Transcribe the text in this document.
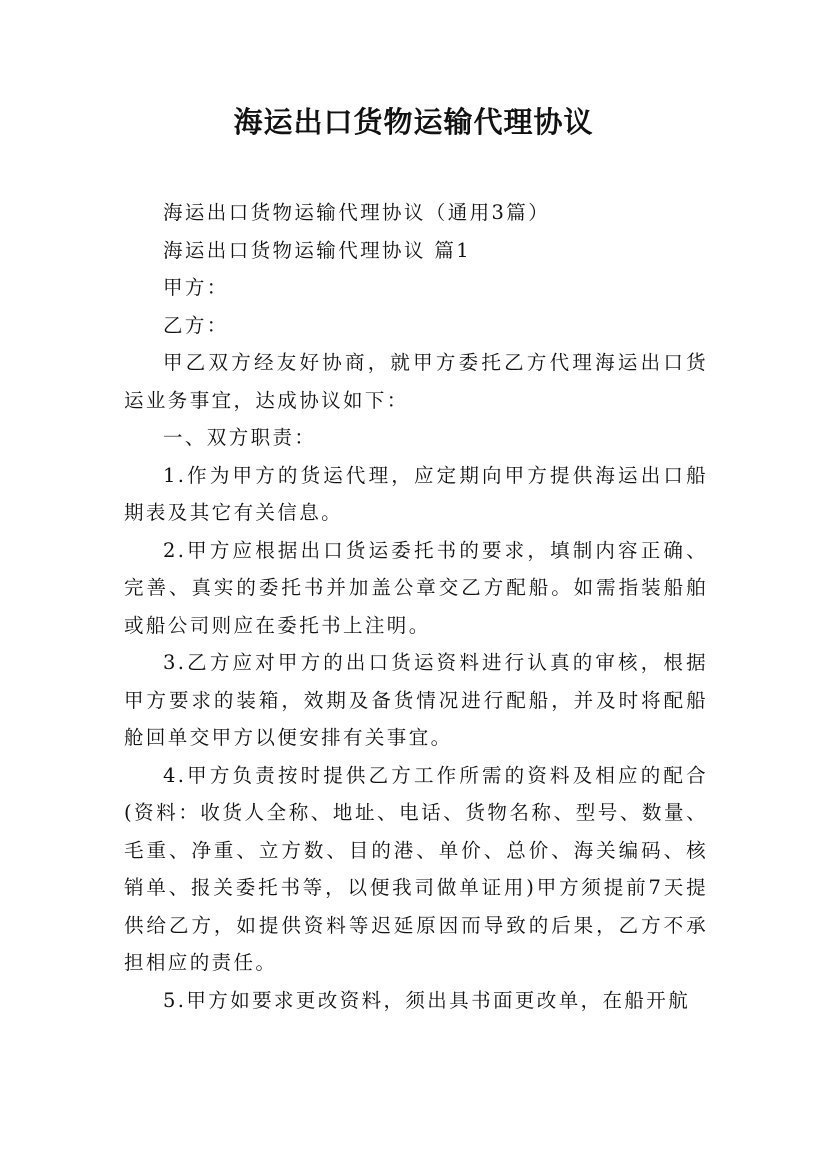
海运出口货物运输代理协议

海运出口货物运输代理协议（通用3篇）

海运出口货物运输代理协议 篇1

甲方：

乙方：

甲乙双方经友好协商，就甲方委托乙方代理海运出口货运业务事宜，达成协议如下：

一、双方职责：

1.作为甲方的货运代理，应定期向甲方提供海运出口船期表及其它有关信息。

2.甲方应根据出口货运委托书的要求，填制内容正确、完善、真实的委托书并加盖公章交乙方配船。如需指装船舶或船公司则应在委托书上注明。

3.乙方应对甲方的出口货运资料进行认真的审核，根据甲方要求的装箱，效期及备货情况进行配船，并及时将配船舱回单交甲方以便安排有关事宜。

4.甲方负责按时提供乙方工作所需的资料及相应的配合(资料：收货人全称、地址、电话、货物名称、型号、数量、毛重、净重、立方数、目的港、单价、总价、海关编码、核销单、报关委托书等，以便我司做单证用)甲方须提前7天提供给乙方，如提供资料等迟延原因而导致的后果，乙方不承担相应的责任。

5.甲方如要求更改资料，须出具书面更改单，在船开航
